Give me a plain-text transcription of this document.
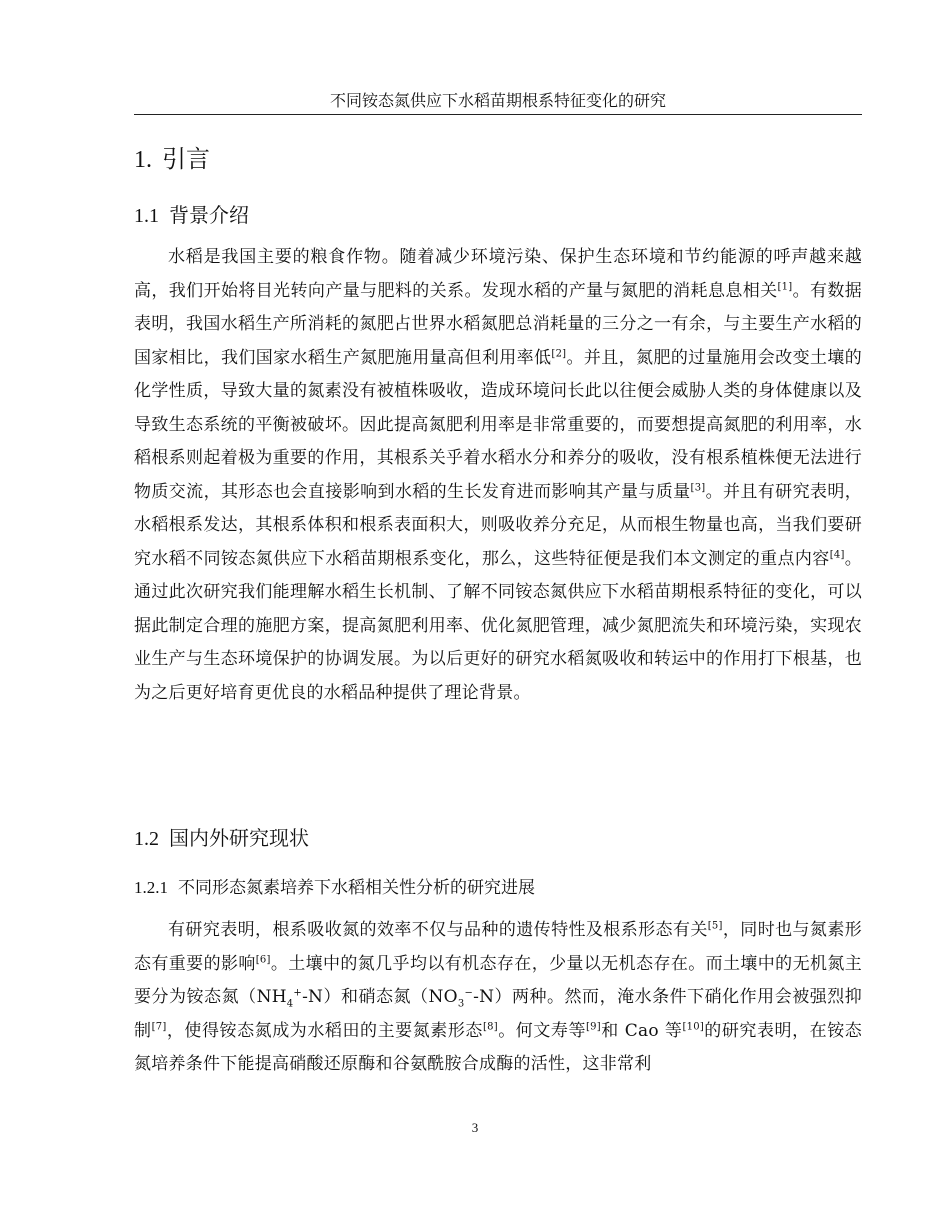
不同铵态氮供应下水稻苗期根系特征变化的研究
1. 引言
1.1 背景介绍

水稻是我国主要的粮食作物。随着减少环境污染、保护生态环境和节约能源的呼声越来越高，我们开始将目光转向产量与肥料的关系。发现水稻的产量与氮肥的消耗息息相关[1]。有数据表明，我国水稻生产所消耗的氮肥占世界水稻氮肥总消耗量的三分之一有余，与主要生产水稻的国家相比，我们国家水稻生产氮肥施用量高但利用率低[2]。并且，氮肥的过量施用会改变土壤的化学性质，导致大量的氮素没有被植株吸收，造成环境问长此以往便会威胁人类的身体健康以及导致生态系统的平衡被破坏。因此提高氮肥利用率是非常重要的，而要想提高氮肥的利用率，水稻根系则起着极为重要的作用，其根系关乎着水稻水分和养分的吸收，没有根系植株便无法进行物质交流，其形态也会直接影响到水稻的生长发育进而影响其产量与质量[3]。并且有研究表明，水稻根系发达，其根系体积和根系表面积大，则吸收养分充足，从而根生物量也高，当我们要研究水稻不同铵态氮供应下水稻苗期根系变化，那么，这些特征便是我们本文测定的重点内容[4]。通过此次研究我们能理解水稻生长机制、了解不同铵态氮供应下水稻苗期根系特征的变化，可以据此制定合理的施肥方案，提高氮肥利用率、优化氮肥管理，减少氮肥流失和环境污染，实现农业生产与生态环境保护的协调发展。为以后更好的研究水稻氮吸收和转运中的作用打下根基，也为之后更好培育更优良的水稻品种提供了理论背景。

1.2 国内外研究现状
1.2.1 不同形态氮素培养下水稻相关性分析的研究进展

有研究表明，根系吸收氮的效率不仅与品种的遗传特性及根系形态有关[5]，同时也与氮素形态有重要的影响[6]。土壤中的氮几乎均以有机态存在，少量以无机态存在。而土壤中的无机氮主要分为铵态氮$(NH_4^+-N)$和硝态氮$(NO_3^--N)$两种。然而，淹水条件下硝化作用会被强烈抑制[7]，使得铵态氮成为水稻田的主要氮素形态[8]。何文寿等[9]和 Cao 等[10]的研究表明，在铵态氮培养条件下能提高硝酸还原酶和谷氨酰胺合成酶的活性，这非常利

3
